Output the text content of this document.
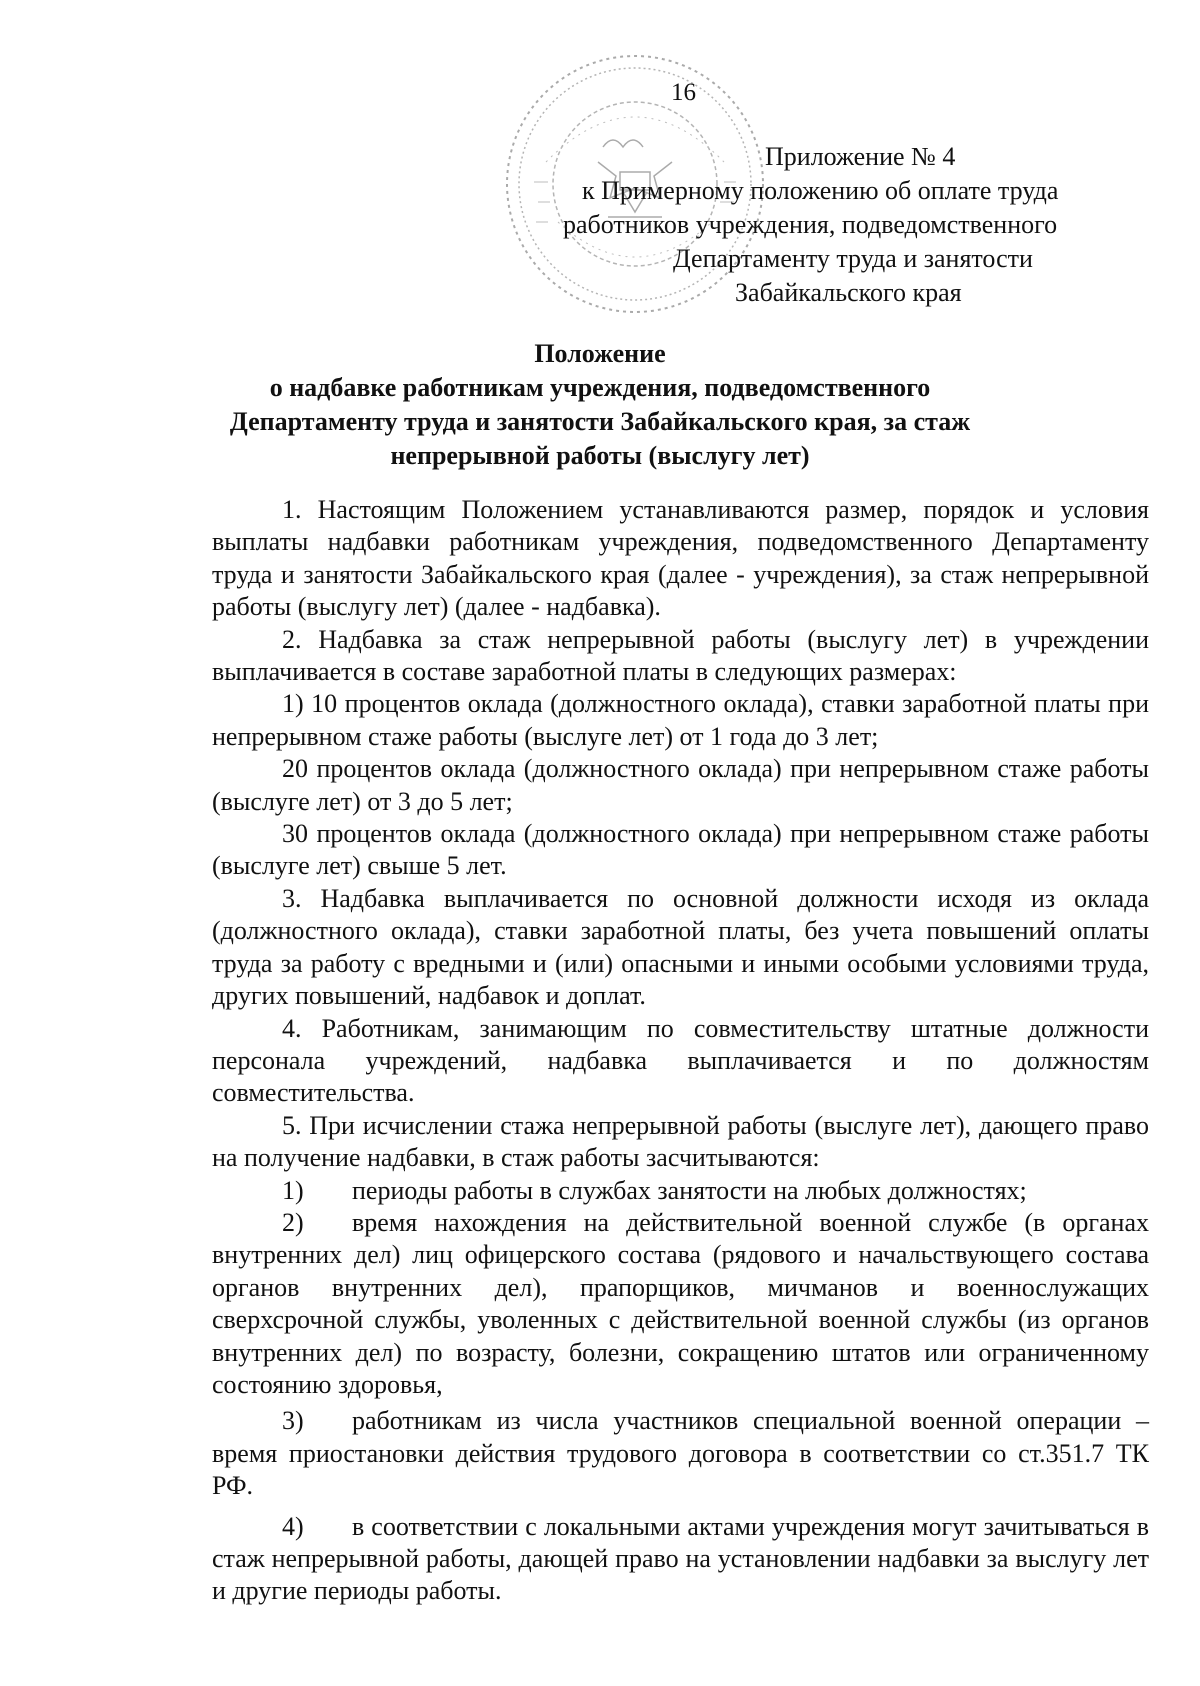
16
Приложение № 4
к Примерному положению об оплате труда
работников учреждения, подведомственного
Департаменту труда и занятости
Забайкальского края
Положение
о надбавке работникам учреждения, подведомственного
Департаменту труда и занятости Забайкальского края, за стаж
непрерывной работы (выслугу лет)

1. Настоящим Положением устанавливаются размер, порядок и условия выплаты надбавки работникам учреждения, подведомственного Департаменту труда и занятости Забайкальского края (далее - учреждения), за стаж непрерывной работы (выслугу лет) (далее - надбавка).

2. Надбавка за стаж непрерывной работы (выслугу лет) в учреждении выплачивается в составе заработной платы в следующих размерах:

1) 10 процентов оклада (должностного оклада), ставки заработной платы при непрерывном стаже работы (выслуге лет) от 1 года до 3 лет;

20 процентов оклада (должностного оклада) при непрерывном стаже работы (выслуге лет) от 3 до 5 лет;

30 процентов оклада (должностного оклада) при непрерывном стаже работы (выслуге лет) свыше 5 лет.

3. Надбавка выплачивается по основной должности исходя из оклада (должностного оклада), ставки заработной платы, без учета повышений оплаты труда за работу с вредными и (или) опасными и иными особыми условиями труда, других повышений, надбавок и доплат.

4. Работникам, занимающим по совместительству штатные должности персонала учреждений, надбавка выплачивается и по должностям совместительства.

5. При исчислении стажа непрерывной работы (выслуге лет), дающего право на получение надбавки, в стаж работы засчитываются:

1) периоды работы в службах занятости на любых должностях;

2) время нахождения на действительной военной службе (в органах внутренних дел) лиц офицерского состава (рядового и начальствующего состава органов внутренних дел), прапорщиков, мичманов и военнослужащих сверхсрочной службы, уволенных с действительной военной службы (из органов внутренних дел) по возрасту, болезни, сокращению штатов или ограниченному состоянию здоровья,

3) работникам из числа участников специальной военной операции – время приостановки действия трудового договора в соответствии со ст.351.7 ТК РФ.

4) в соответствии с локальными актами учреждения могут зачитываться в стаж непрерывной работы, дающей право на установлении надбавки за выслугу лет и другие периоды работы.
